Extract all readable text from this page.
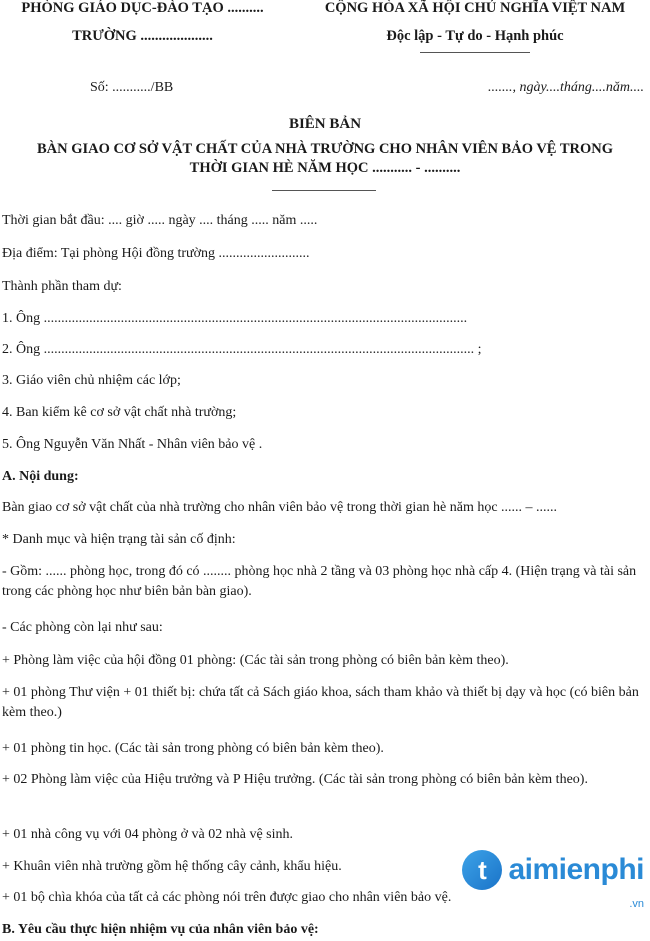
PHÒNG GIÁO DỤC-ĐÀO TẠO ..........
TRƯỜNG ....................
CỘNG HÒA XÃ HỘI CHỦ NGHĨA VIỆT NAM
Độc lập - Tự do - Hạnh phúc
Số: .........../BB	......., ngày....tháng....năm....
BIÊN BẢN
BÀN GIAO CƠ SỞ VẬT CHẤT CỦA NHÀ TRƯỜNG CHO NHÂN VIÊN BẢO VỆ TRONG
THỜI GIAN HÈ NĂM HỌC ........... - ..........
Thời gian bắt đầu: .... giờ ..... ngày .... tháng ..... năm .....
Địa điểm: Tại phòng Hội đồng trường ..........................
Thành phần tham dự:
1. Ông .........................................................................................................................
2. Ông ........................................................................................................................... ;
3. Giáo viên chủ nhiệm các lớp;
4. Ban kiểm kê cơ sở vật chất nhà trường;
5. Ông Nguyễn Văn Nhất - Nhân viên bảo vệ .
A. Nội dung:
Bàn giao cơ sở vật chất của nhà trường cho nhân viên bảo vệ trong thời gian hè năm học ...... – ......
* Danh mục và hiện trạng tài sản cố định:
- Gồm: ...... phòng học, trong đó có ........ phòng học nhà 2 tầng và 03 phòng học nhà cấp 4. (Hiện trạng và tài sản trong các phòng học như biên bản bàn giao).
- Các phòng còn lại như sau:
+ Phòng làm việc của hội đồng 01 phòng: (Các tài sản trong phòng có biên bản kèm theo).
+ 01 phòng Thư viện + 01 thiết bị: chứa tất cả Sách giáo khoa, sách tham khảo và thiết bị dạy và học (có biên bản kèm theo.)
+ 01 phòng tin học. (Các tài sản trong phòng có biên bản kèm theo).
+ 02 Phòng làm việc của Hiệu trưởng và P Hiệu trưởng. (Các tài sản trong phòng có biên bản kèm theo).
+ 01 nhà công vụ với 04 phòng ở và 02 nhà vệ sinh.
+ Khuân viên nhà trường gồm hệ thống cây cảnh, khẩu hiệu.
+ 01 bộ chìa khóa của tất cả các phòng nói trên được giao cho nhân viên bảo vệ.
B. Yêu cầu thực hiện nhiệm vụ của nhân viên bảo vệ:
t aimienphi
.vn
